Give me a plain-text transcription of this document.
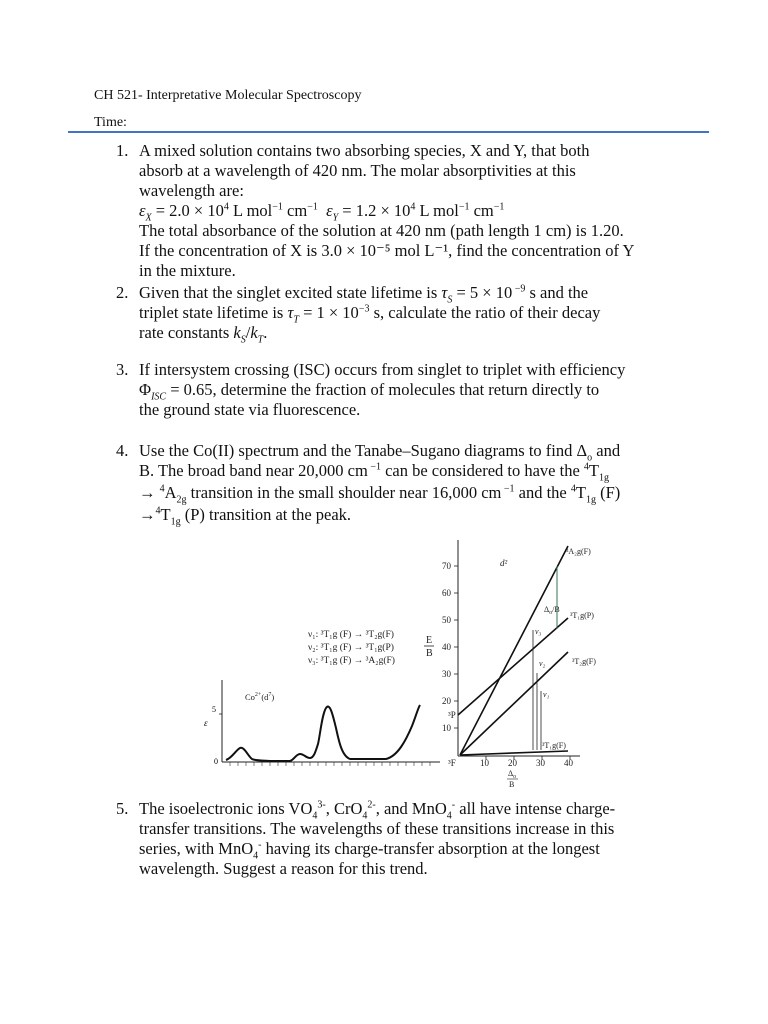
CH 521- Interpretative Molecular Spectroscopy
Time:
1. A mixed solution contains two absorbing species, X and Y, that both
absorb at a wavelength of 420 nm. The molar absorptivities at this
wavelength are:
$\varepsilon_X = 2.0 \times 10^4$ L mol$^{-1}$ $cm^{-1}$ $\varepsilon_Y = 1.2 \times 10^4$ L mol$^{-1}$ $cm^{-1}$
The total absorbance of the solution at 420 nm (path length 1 cm) is 1.20.
If the concentration of X is 3.0 × 10⁻⁵ mol L⁻¹, find the concentration of Y
in the mixture.
2. Given that the singlet excited state lifetime is $\tau_S = 5 \times 10$ $^{-9}$ s and the
triplet state lifetime is $\tau_T = 1 \times 10^{-3}$ s, calculate the ratio of their decay
rate constants $k_S/k_T$.
3. If intersystem crossing (ISC) occurs from singlet to triplet with efficiency
$\Phi_{ISC} = 0.65$, determine the fraction of molecules that return directly to
the ground state via fluorescence.
4. Use the Co(II) spectrum and the Tanabe–Sugano diagrams to find $\Delta_o$ and
B. The broad band near 20,000 cm $^{-1}$ can be considered to have the $^4T_{1g}$
→ $^4A_{2g}$ transition in the small shoulder near 16,000 cm $^{-1}$ and the $^4T_{1g}$ (F)
$\to^4T_{1g}$ (P) transition at the peak.
ν₁: ³T₁g (F) → ³T₂g(F)
ν₂: ³T₁g (F) → ³T₁g(P)
ν₃: ³T₁g (F) → ³A₂g(F)
E
B
ε
5
0
$Co^{2+}(d^7)$
70
60
50
40
30
20
10
10 20 30 40
d²
³F
³P
$\Delta_o$
B
ν₃
ν₂
ν₁
$\Delta_o/B$
³A₂g(F)
³T₁g(P)
³T₂g(F)
³T₁g(F)
5. The isoelectronic ions $VO_4^{3-}$, CrO$_4^{2-}$, and MnO$_4$- all have intense charge-
transfer transitions. The wavelengths of these transitions increase in this
series, with MnO$_4$- having its charge-transfer absorption at the longest
wavelength. Suggest a reason for this trend.
